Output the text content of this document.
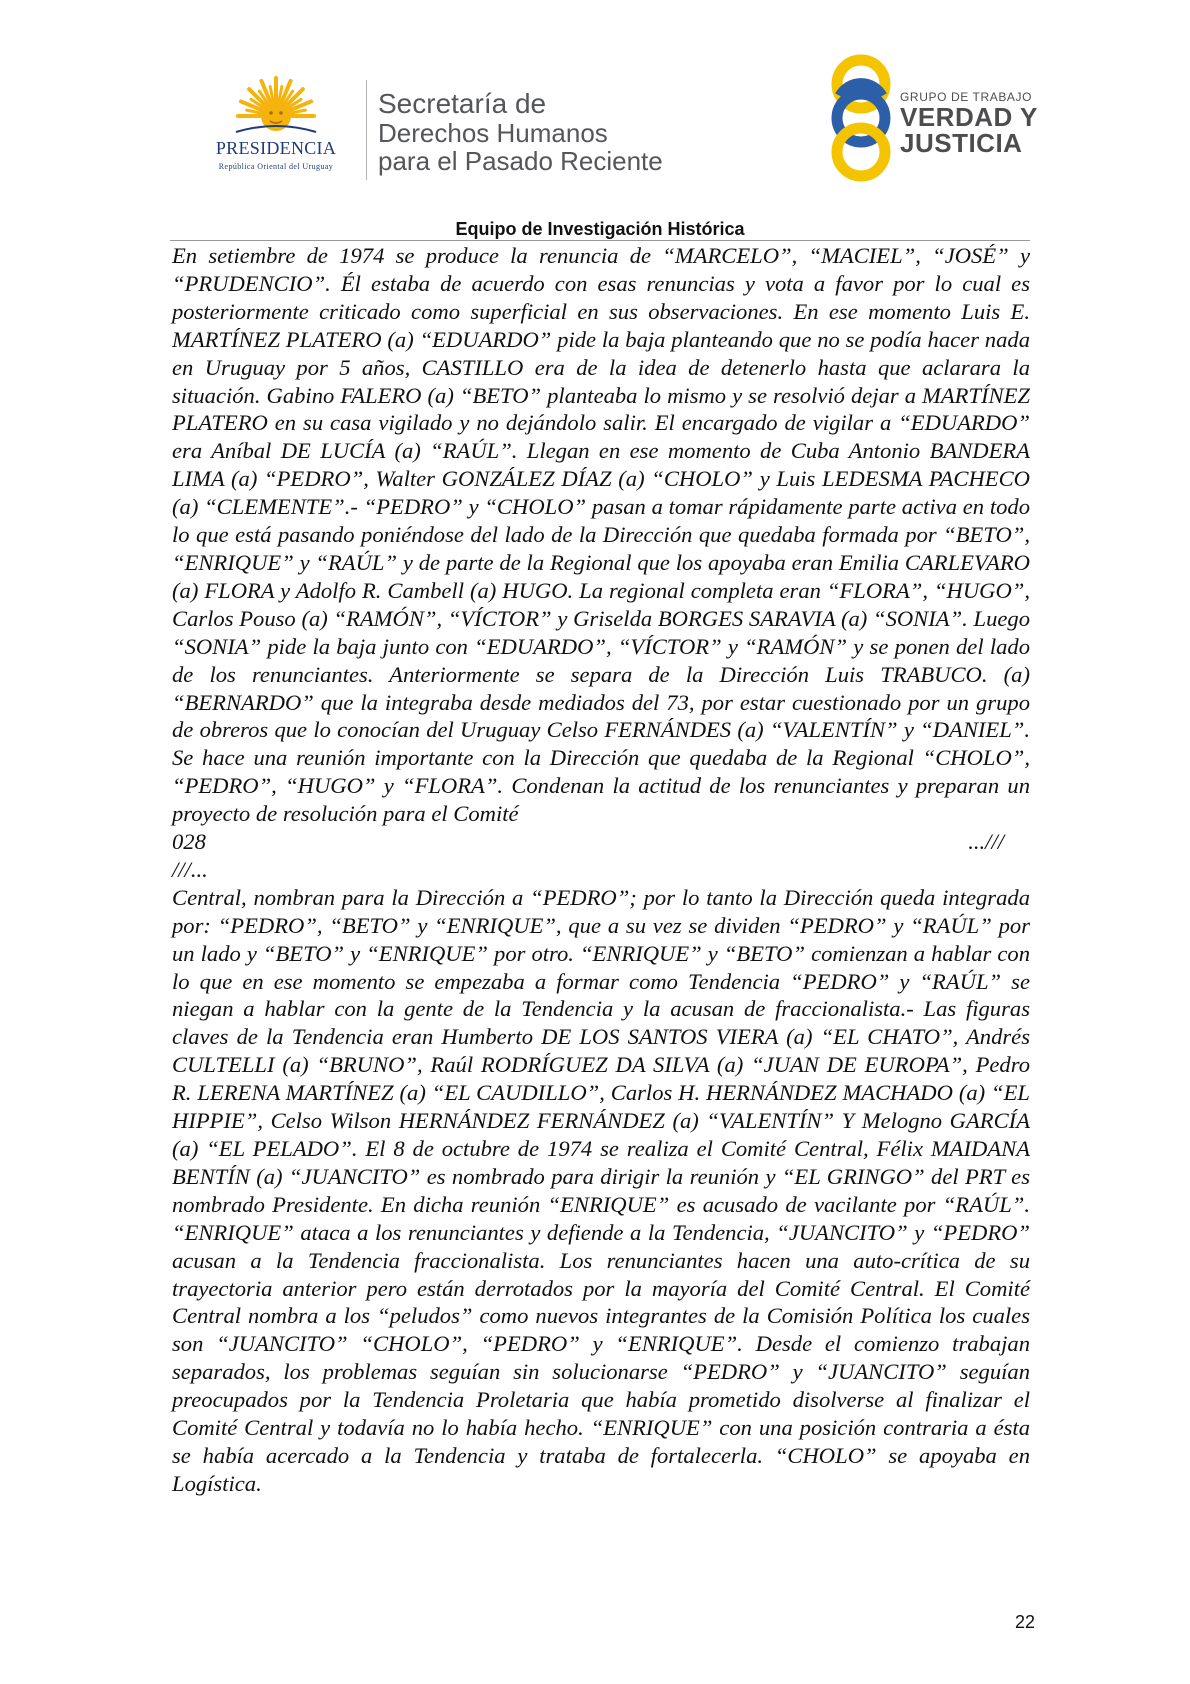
PRESIDENCIA
República Oriental del Uruguay
Secretaría de
Derechos Humanos
para el Pasado Reciente
GRUPO DE TRABAJO
VERDAD Y
JUSTICIA
Equipo de Investigación Histórica

En setiembre de 1974 se produce la renuncia de “MARCELO”, “MACIEL”, “JOSÉ” y “PRUDENCIO”. Él estaba de acuerdo con esas renuncias y vota a favor por lo cual es posteriormente criticado como superficial en sus observaciones. En ese momento Luis E. MARTÍNEZ PLATERO (a) “EDUARDO” pide la baja planteando que no se podía hacer nada en Uruguay por 5 años, CASTILLO era de la idea de detenerlo hasta que aclarara la situación. Gabino FALERO (a) “BETO” planteaba lo mismo y se resolvió dejar a MARTÍNEZ PLATERO en su casa vigilado y no dejándolo salir. El encargado de vigilar a “EDUARDO” era Aníbal DE LUCÍA (a) “RAÚL”. Llegan en ese momento de Cuba Antonio BANDERA LIMA (a) “PEDRO”, Walter GONZÁLEZ DÍAZ (a) “CHOLO” y Luis LEDESMA PACHECO (a) “CLEMENTE”.- “PEDRO” y “CHOLO” pasan a tomar rápidamente parte activa en todo lo que está pasando poniéndose del lado de la Dirección que quedaba formada por “BETO”, “ENRIQUE” y “RAÚL” y de parte de la Regional que los apoyaba eran Emilia CARLEVARO (a) FLORA y Adolfo R. Cambell (a) HUGO. La regional completa eran “FLORA”, “HUGO”, Carlos Pouso (a) “RAMÓN”, “VÍCTOR” y Griselda BORGES SARAVIA (a) “SONIA”. Luego “SONIA” pide la baja junto con “EDUARDO”, “VÍCTOR” y “RAMÓN” y se ponen del lado de los renunciantes. Anteriormente se separa de la Dirección Luis TRABUCO. (a) “BERNARDO” que la integraba desde mediados del 73, por estar cuestionado por un grupo de obreros que lo conocían del Uruguay Celso FERNÁNDES (a) “VALENTÍN” y “DANIEL”. Se hace una reunión importante con la Dirección que quedaba de la Regional “CHOLO”, “PEDRO”, “HUGO” y “FLORA”. Condenan la actitud de los renunciantes y preparan un proyecto de resolución para el Comité

028	...///

///...

Central, nombran para la Dirección a “PEDRO”; por lo tanto la Dirección queda integrada por: “PEDRO”, “BETO” y “ENRIQUE”, que a su vez se dividen “PEDRO” y “RAÚL” por un lado y “BETO” y “ENRIQUE” por otro. “ENRIQUE” y “BETO” comienzan a hablar con lo que en ese momento se empezaba a formar como Tendencia “PEDRO” y “RAÚL” se niegan a hablar con la gente de la Tendencia y la acusan de fraccionalista.- Las figuras claves de la Tendencia eran Humberto DE LOS SANTOS VIERA (a) “EL CHATO”, Andrés CULTELLI (a) “BRUNO”, Raúl RODRÍGUEZ DA SILVA (a) “JUAN DE EUROPA”, Pedro R. LERENA MARTÍNEZ (a) “EL CAUDILLO”, Carlos H. HERNÁNDEZ MACHADO (a) “EL HIPPIE”, Celso Wilson HERNÁNDEZ FERNÁNDEZ (a) “VALENTÍN” Y Melogno GARCÍA (a) “EL PELADO”. El 8 de octubre de 1974 se realiza el Comité Central, Félix MAIDANA BENTÍN (a) “JUANCITO” es nombrado para dirigir la reunión y “EL GRINGO” del PRT es nombrado Presidente. En dicha reunión “ENRIQUE” es acusado de vacilante por “RAÚL”. “ENRIQUE” ataca a los renunciantes y defiende a la Tendencia, “JUANCITO” y “PEDRO” acusan a la Tendencia fraccionalista. Los renunciantes hacen una auto-crítica de su trayectoria anterior pero están derrotados por la mayoría del Comité Central. El Comité Central nombra a los “peludos” como nuevos integrantes de la Comisión Política los cuales son “JUANCITO” “CHOLO”, “PEDRO” y “ENRIQUE”. Desde el comienzo trabajan separados, los problemas seguían sin solucionarse “PEDRO” y “JUANCITO” seguían preocupados por la Tendencia Proletaria que había prometido disolverse al finalizar el Comité Central y todavía no lo había hecho. “ENRIQUE” con una posición contraria a ésta se había acercado a la Tendencia y trataba de fortalecerla. “CHOLO” se apoyaba en Logística.

22
